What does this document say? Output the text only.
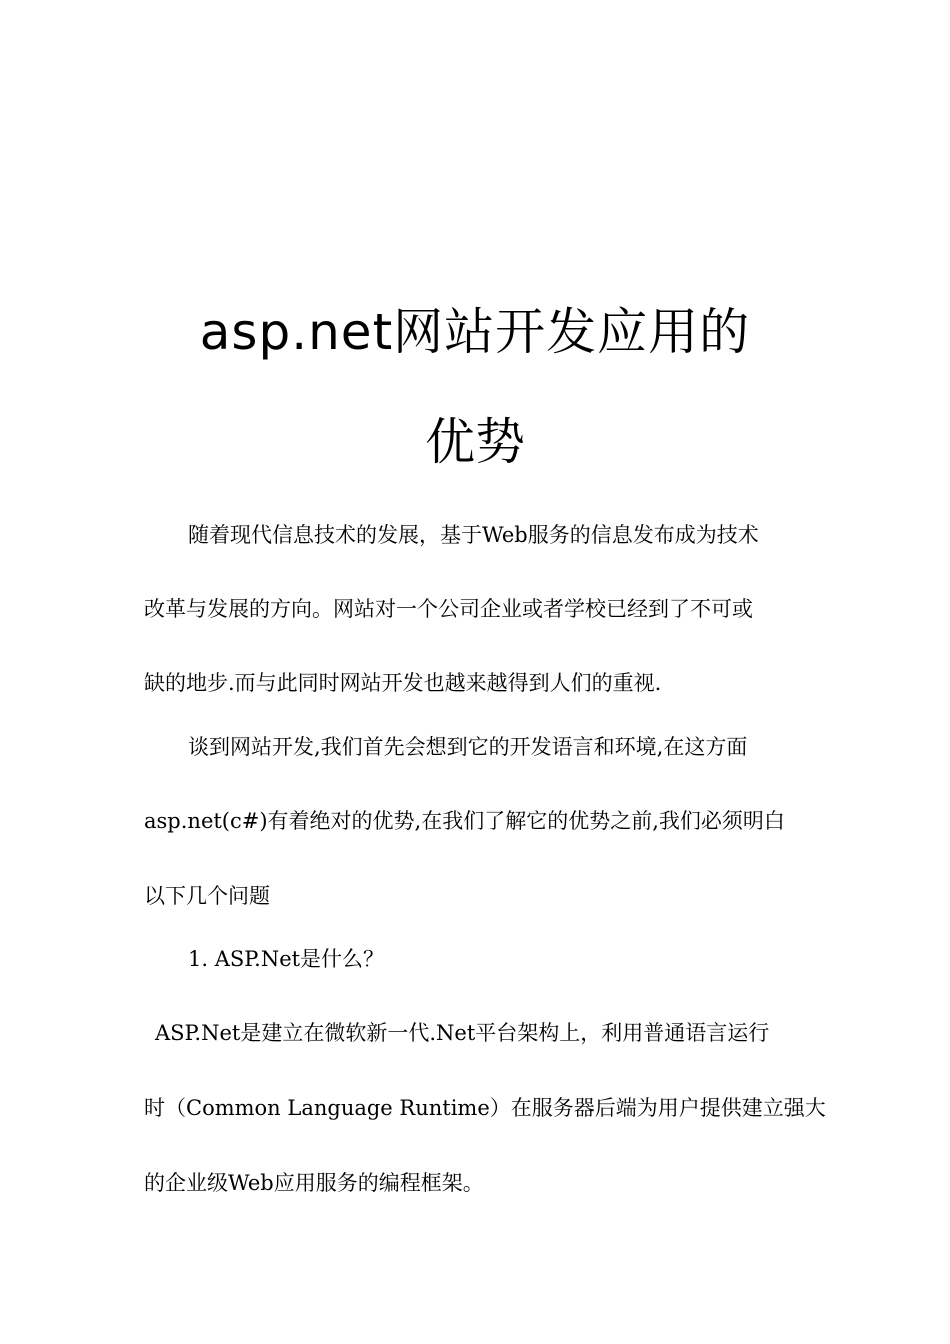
asp.net网站开发应用的
优势
随着现代信息技术的发展，基于Web服务的信息发布成为技术
改革与发展的方向。网站对一个公司企业或者学校已经到了不可或
缺的地步.而与此同时网站开发也越来越得到人们的重视.
谈到网站开发,我们首先会想到它的开发语言和环境,在这方面
asp.net(c#)有着绝对的优势,在我们了解它的优势之前,我们必须明白
以下几个问题
1. ASP.Net是什么？
ASP.Net是建立在微软新一代.Net平台架构上，利用普通语言运行
时（Common Language Runtime）在服务器后端为用户提供建立强大
的企业级Web应用服务的编程框架。
